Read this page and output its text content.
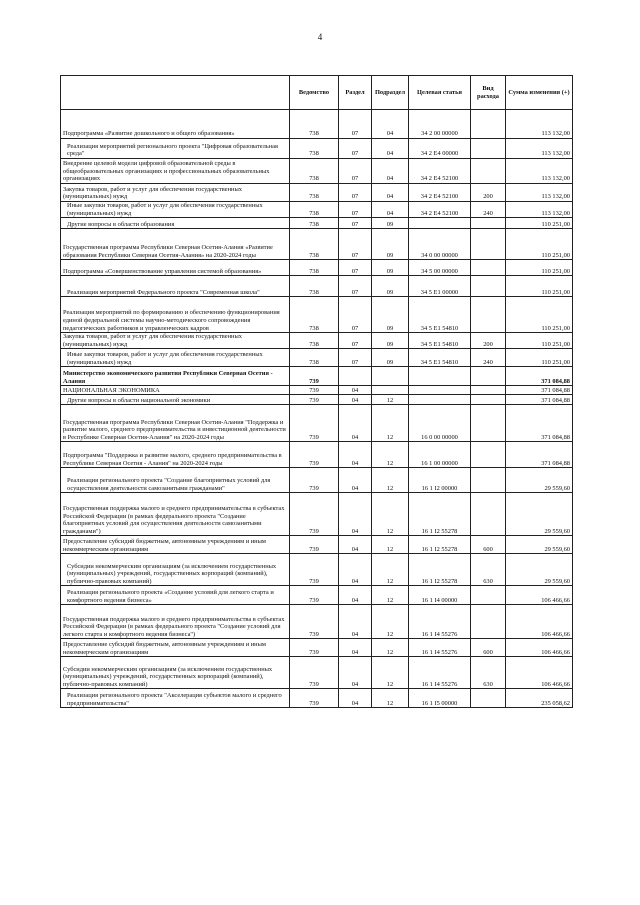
4
	Ведомство	Раздел	Подраздел	Целевая статья	Вид расхода	Сумма изменения (+)
Подпрограмма «Развитие дошкольного и общего образования»	738	07	04	34 2 00 00000		113 132,00
Реализация мероприятий регионального проекта "Цифровая образовательная среда"	738	07	04	34 2 E4 00000		113 132,00
Внедрение целевой модели цифровой образовательной среды в общеобразовательных организациях и профессиональных образовательных организациях	738	07	04	34 2 E4 52100		113 132,00
Закупка товаров, работ и услуг для обеспечения государственных (муниципальных) нужд	738	07	04	34 2 E4 52100	200	113 132,00
Иные закупки товаров, работ и услуг для обеспечения государственных (муниципальных) нужд	738	07	04	34 2 E4 52100	240	113 132,00
Другие вопросы в области образования	738	07	09			110 251,00
Государственная программа Республики Северная Осетия-Алания «Развитие образования Республики Северная Осетия-Алания» на 2020-2024 годы	738	07	09	34 0 00 00000		110 251,00
Подпрограмма «Совершенствование управления системой образования»	738	07	09	34 5 00 00000		110 251,00
Реализация мероприятий Федерального проекта "Современная школа"	738	07	09	34 5 E1 00000		110 251,00
Реализация мероприятий по формированию и обеспечению функционирования единой федеральной системы научно-методического сопровождения педагогических работников и управленческих кадров	738	07	09	34 5 E1 54810		110 251,00
Закупка товаров, работ и услуг для обеспечения государственных (муниципальных) нужд	738	07	09	34 5 E1 54810	200	110 251,00
Иные закупки товаров, работ и услуг для обеспечения государственных (муниципальных) нужд	738	07	09	34 5 E1 54810	240	110 251,00
Министерство экономического развития Республики Северная Осетия - Алания	739					371 084,88
НАЦИОНАЛЬНАЯ ЭКОНОМИКА	739	04				371 084,88
Другие вопросы в области национальной экономики	739	04	12			371 084,88
Государственная программа Республики Северная Осетия-Алания "Поддержка и развитие малого, среднего предпринимательства и инвестиционной деятельности в Республике Северная Осетия-Алания" на 2020-2024 годы	739	04	12	16 0 00 00000		371 084,88
Подпрограмма "Поддержка и развитие малого, среднего предпринимательства в Республике Северная Осетия - Алания" на 2020-2024 годы	739	04	12	16 1 00 00000		371 084,88
Реализация регионального проекта "Создание благоприятных условий для осуществления деятельности самозанятыми гражданами"	739	04	12	16 1 I2 00000		29 559,60
Государственная поддержка малого и среднего предпринимательства в субъектах Российской Федерации (в рамках федерального проекта "Создание благоприятных условий для осуществления деятельности самозанятыми гражданами")	739	04	12	16 1 I2 55278		29 559,60
Предоставление субсидий бюджетным, автономным учреждениям и иным некоммерческим организациям	739	04	12	16 1 I2 55278	600	29 559,60
Субсидии некоммерческим организациям (за исключением государственных (муниципальных) учреждений, государственных корпораций (компаний), публично-правовых компаний)	739	04	12	16 1 I2 55278	630	29 559,60
Реализация регионального проекта «Создание условий для легкого старта и комфортного ведения бизнеса»	739	04	12	16 1 I4 00000		106 466,66
Государственная поддержка малого и среднего предпринимательства в субъектах Российской Федерации (в рамках федерального проекта "Создание условий для легкого старта и комфортного ведения бизнеса")	739	04	12	16 1 I4 55276		106 466,66
Предоставление субсидий бюджетным, автономным учреждениям и иным некоммерческим организациям	739	04	12	16 1 I4 55276	600	106 466,66
Субсидии некоммерческим организациям (за исключением государственных (муниципальных) учреждений, государственных корпораций (компаний), публично-правовых компаний)	739	04	12	16 1 I4 55276	630	106 466,66
Реализация регионального проекта "Акселерация субъектов малого и среднего предпринимательства"	739	04	12	16 1 I5 00000		235 058,62
